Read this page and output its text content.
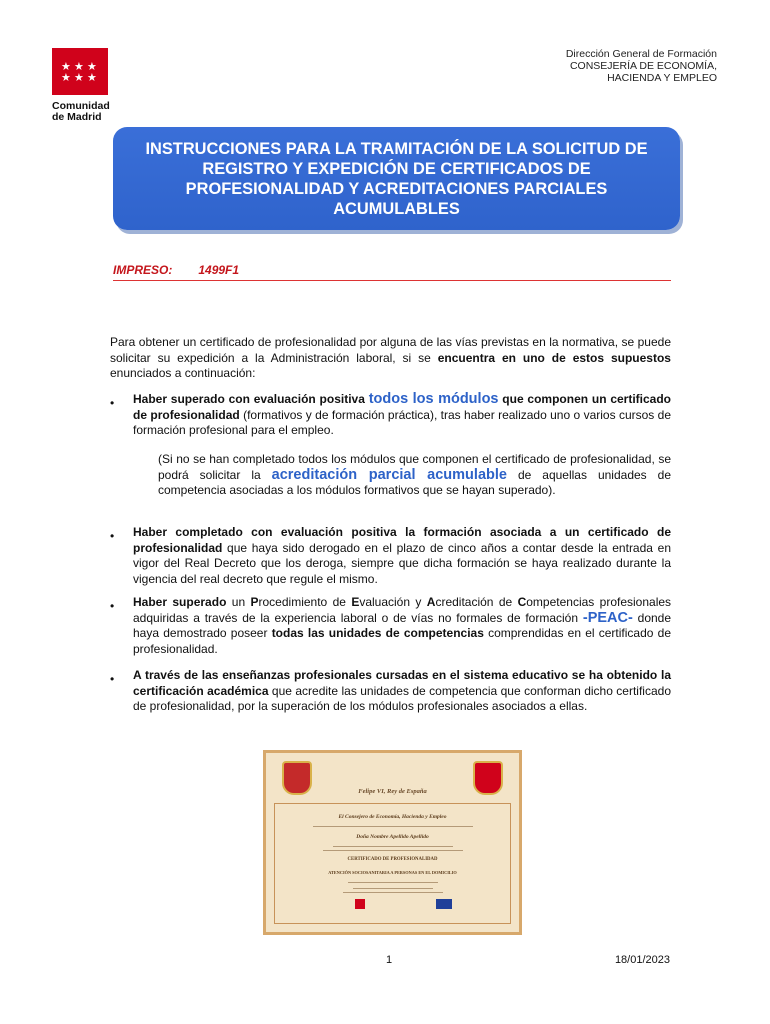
★ ★ ★
★ ★ ★
Comunidad
de Madrid
Dirección General de Formación
CONSEJERÍA DE ECONOMÍA,
HACIENDA Y EMPLEO
INSTRUCCIONES PARA LA TRAMITACIÓN DE LA SOLICITUD DE REGISTRO Y EXPEDICIÓN DE CERTIFICADOS DE PROFESIONALIDAD Y ACREDITACIONES PARCIALES ACUMULABLES
IMPRESO: 1499F1
Para obtener un certificado de profesionalidad por alguna de las vías previstas en la normativa, se puede solicitar su expedición a la Administración laboral, si se encuentra en uno de estos supuestos enunciados a continuación:
• Haber superado con evaluación positiva todos los módulos que componen un certificado de profesionalidad (formativos y de formación práctica), tras haber realizado uno o varios cursos de formación profesional para el empleo.
(Si no se han completado todos los módulos que componen el certificado de profesionalidad, se podrá solicitar la acreditación parcial acumulable de aquellas unidades de competencia asociadas a los módulos formativos que se hayan superado).
• Haber completado con evaluación positiva la formación asociada a un certificado de profesionalidad que haya sido derogado en el plazo de cinco años a contar desde la entrada en vigor del Real Decreto que los deroga, siempre que dicha formación se haya realizado durante la vigencia del real decreto que regule el mismo.
• Haber superado un Procedimiento de Evaluación y Acreditación de Competencias profesionales adquiridas a través de la experiencia laboral o de vías no formales de formación -PEAC- donde haya demostrado poseer todas las unidades de competencias comprendidas en el certificado de profesionalidad.
• A través de las enseñanzas profesionales cursadas en el sistema educativo se ha obtenido la certificación académica que acredite las unidades de competencia que conforman dicho certificado de profesionalidad, por la superación de los módulos profesionales asociados a ellas.
Felipe VI, Rey de España
El Consejero de Economía, Hacienda y Empleo
Doña Nombre Apellido Apellido
CERTIFICADO DE PROFESIONALIDAD
ATENCIÓN SOCIOSANITARIA A PERSONAS EN EL DOMICILIO
1	18/01/2023
